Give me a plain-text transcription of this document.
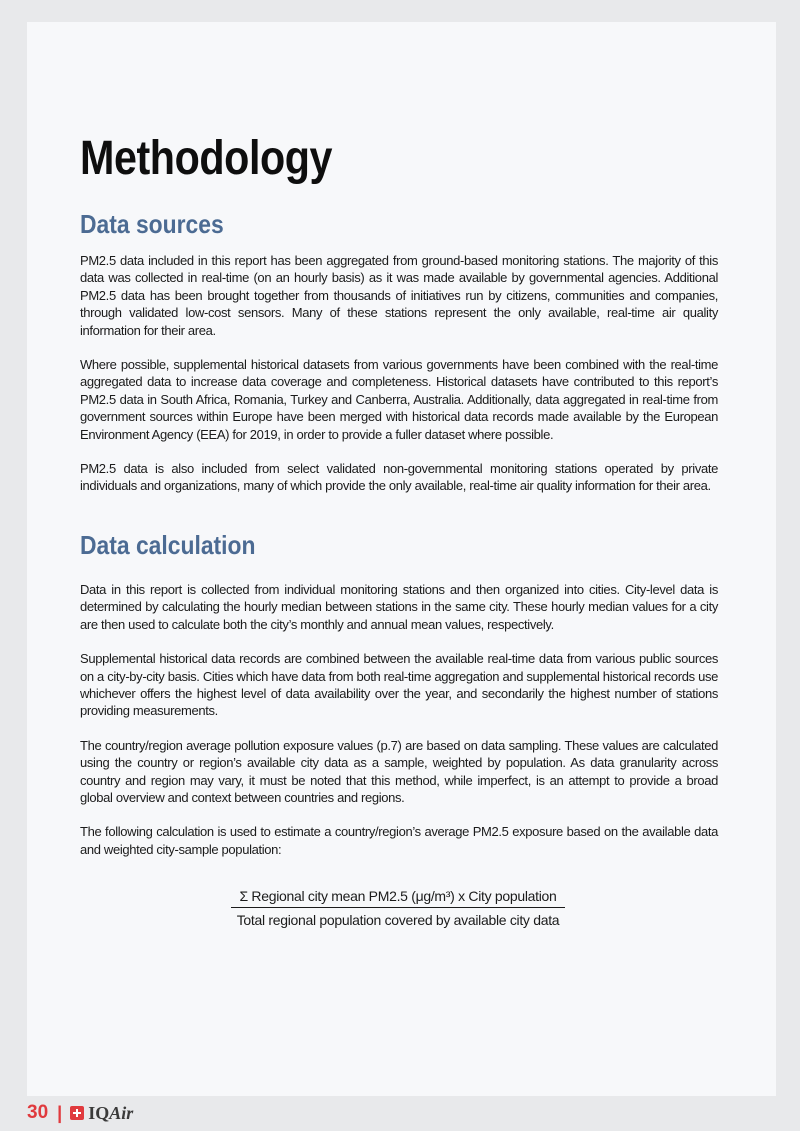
Methodology
Data sources

PM2.5 data included in this report has been aggregated from ground-based monitoring stations. The majority of this data was collected in real-time (on an hourly basis) as it was made available by governmental agencies. Additional PM2.5 data has been brought together from thousands of initiatives run by citizens, communities and companies, through validated low-cost sensors. Many of these stations represent the only available, real-time air quality information for their area.

Where possible, supplemental historical datasets from various governments have been combined with the real-time aggregated data to increase data coverage and completeness. Historical datasets have contributed to this report’s PM2.5 data in South Africa, Romania, Turkey and Canberra, Australia. Additionally, data aggregated in real-time from government sources within Europe have been merged with historical data records made available by the European Environment Agency (EEA) for 2019, in order to provide a fuller dataset where possible.

PM2.5 data is also included from select validated non-governmental monitoring stations operated by private individuals and organizations, many of which provide the only available, real-time air quality information for their area.

Data calculation

Data in this report is collected from individual monitoring stations and then organized into cities. City-level data is determined by calculating the hourly median between stations in the same city. These hourly median values for a city are then used to calculate both the city’s monthly and annual mean values, respectively.

Supplemental historical data records are combined between the available real-time data from various public sources on a city-by-city basis. Cities which have data from both real-time aggregation and supplemental historical records use whichever offers the highest level of data availability over the year, and secondarily the highest number of stations providing measurements.

The country/region average pollution exposure values (p.7) are based on data sampling. These values are calculated using the country or region’s available city data as a sample, weighted by population. As data granularity across country and region may vary, it must be noted that this method, while imperfect, is an attempt to provide a broad global overview and context between countries and regions.

The following calculation is used to estimate a country/region’s average PM2.5 exposure based on the available data and weighted city-sample population:

Σ Regional city mean PM2.5 (μg/m³) x City population
Total regional population covered by available city data
30 | IQAir
